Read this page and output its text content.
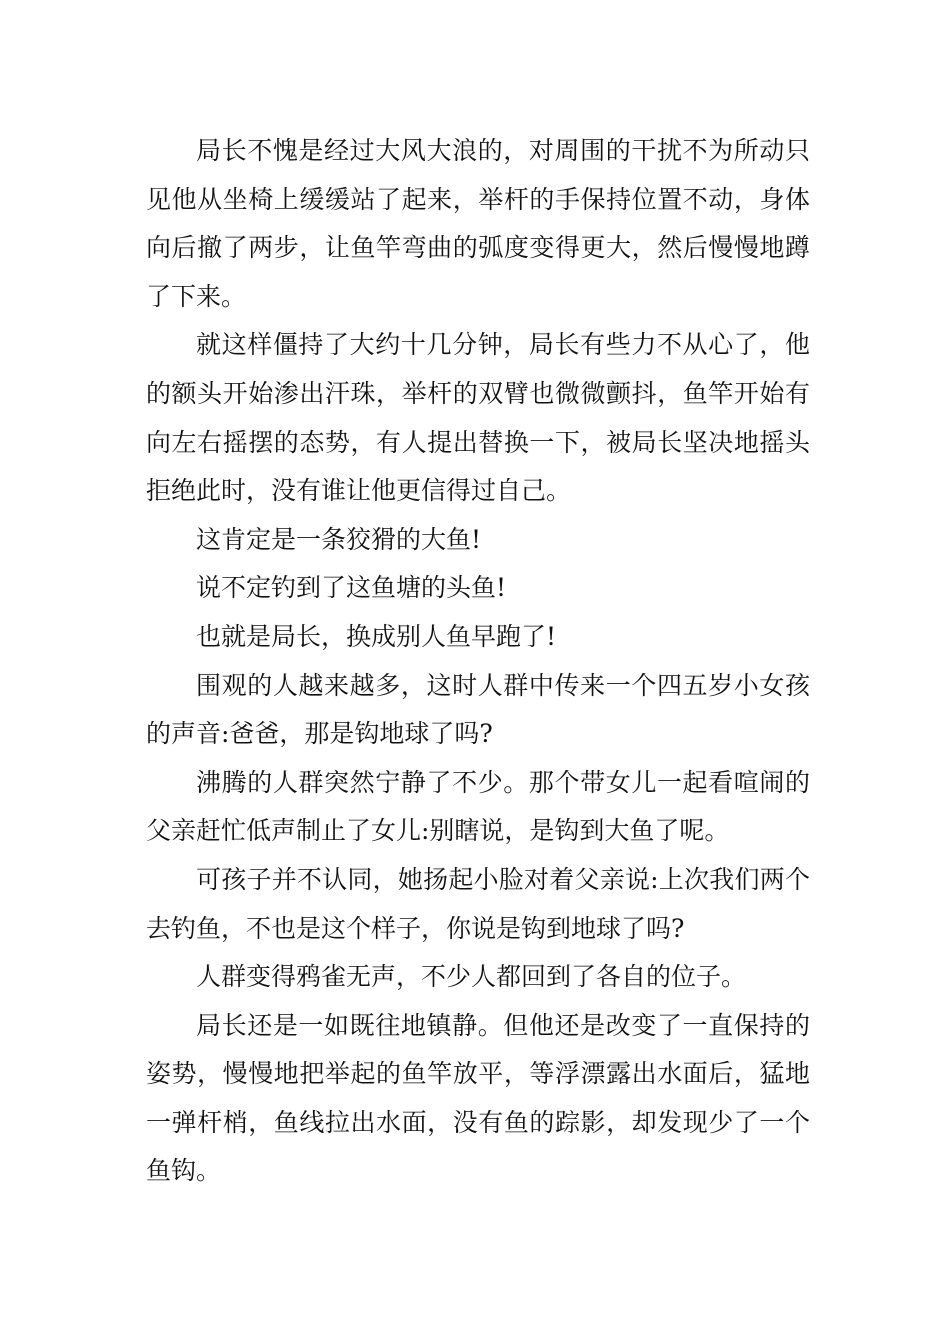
局长不愧是经过大风大浪的，对周围的干扰不为所动只见他从坐椅上缓缓站了起来，举杆的手保持位置不动，身体向后撤了两步，让鱼竿弯曲的弧度变得更大，然后慢慢地蹲了下来。

就这样僵持了大约十几分钟，局长有些力不从心了，他的额头开始渗出汗珠，举杆的双臂也微微颤抖，鱼竿开始有向左右摇摆的态势，有人提出替换一下，被局长坚决地摇头拒绝此时，没有谁让他更信得过自己。

这肯定是一条狡猾的大鱼!

说不定钓到了这鱼塘的头鱼!

也就是局长，换成别人鱼早跑了!

围观的人越来越多，这时人群中传来一个四五岁小女孩的声音:爸爸，那是钩地球了吗?

沸腾的人群突然宁静了不少。那个带女儿一起看喧闹的父亲赶忙低声制止了女儿:别瞎说，是钩到大鱼了呢。

可孩子并不认同，她扬起小脸对着父亲说:上次我们两个去钓鱼，不也是这个样子，你说是钩到地球了吗?

人群变得鸦雀无声，不少人都回到了各自的位子。

局长还是一如既往地镇静。但他还是改变了一直保持的姿势，慢慢地把举起的鱼竿放平，等浮漂露出水面后，猛地一弹杆梢，鱼线拉出水面，没有鱼的踪影，却发现少了一个鱼钩。
